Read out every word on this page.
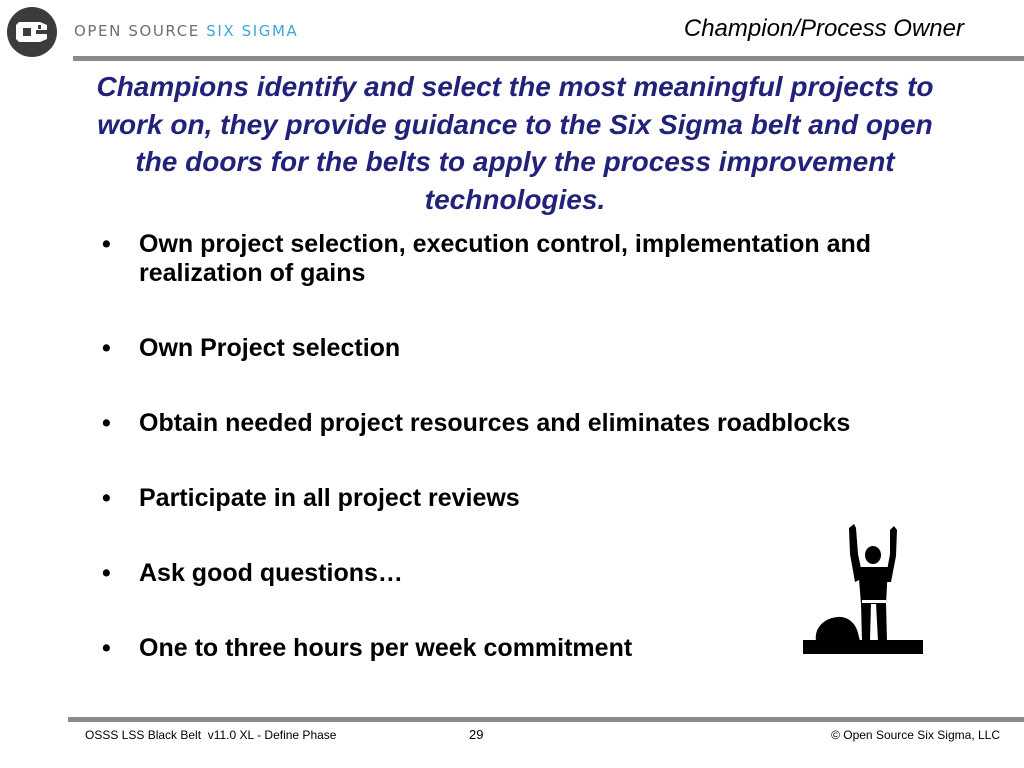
OPEN SOURCE SIX SIGMA	Champion/Process Owner

Champions identify and select the most meaningful projects to work on, they provide guidance to the Six Sigma belt and open the doors for the belts to apply the process improvement technologies.

• Own project selection, execution control, implementation and realization of gains
• Own Project selection
• Obtain needed project resources and eliminates roadblocks
• Participate in all project reviews
• Ask good questions…
• One to three hours per week commitment
OSSS LSS Black Belt  v11.0 XL - Define Phase	29	© Open Source Six Sigma, LLC
